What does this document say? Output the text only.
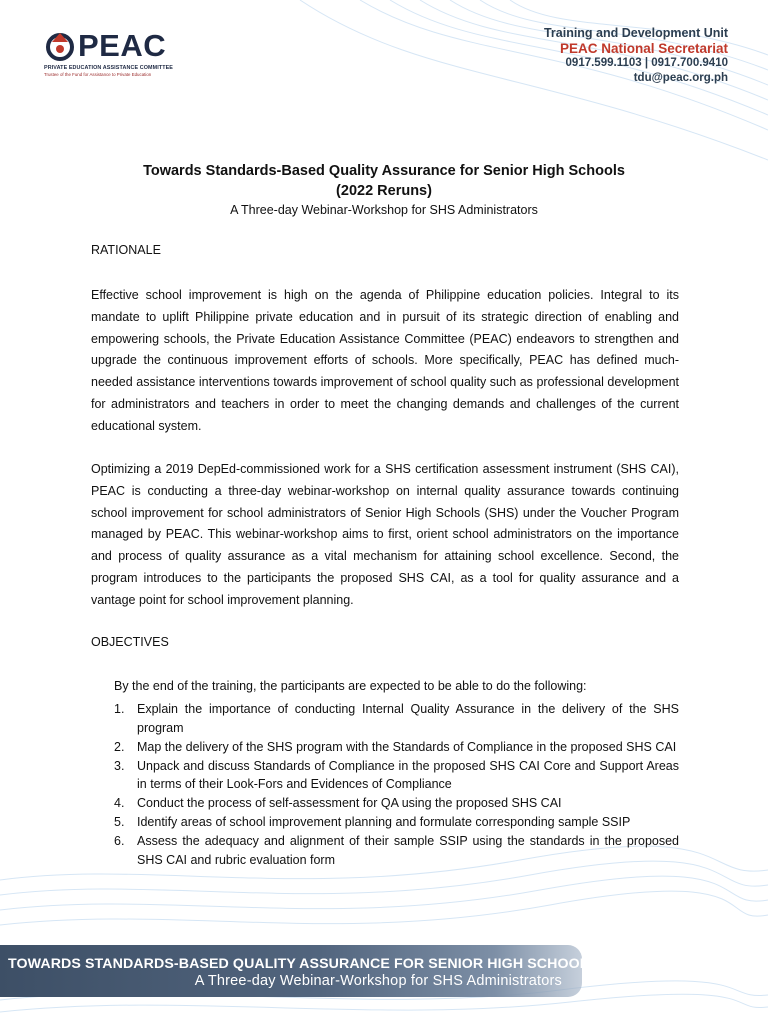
PEAC
PRIVATE EDUCATION ASSISTANCE COMMITTEE
Trustee of the Fund for Assistance to Private Education
Training and Development Unit
PEAC National Secretariat
0917.599.1103 | 0917.700.9410
tdu@peac.org.ph
Towards Standards-Based Quality Assurance for Senior High Schools
(2022 Reruns)
A Three-day Webinar-Workshop for SHS Administrators
RATIONALE

Effective school improvement is high on the agenda of Philippine education policies. Integral to its mandate to uplift Philippine private education and in pursuit of its strategic direction of enabling and empowering schools, the Private Education Assistance Committee (PEAC) endeavors to strengthen and upgrade the continuous improvement efforts of schools. More specifically, PEAC has defined much-needed assistance interventions towards improvement of school quality such as professional development for administrators and teachers in order to meet the changing demands and challenges of the current educational system.

Optimizing a 2019 DepEd-commissioned work for a SHS certification assessment instrument (SHS CAI), PEAC is conducting a three-day webinar-workshop on internal quality assurance towards continuing school improvement for school administrators of Senior High Schools (SHS) under the Voucher Program managed by PEAC. This webinar-workshop aims to first, orient school administrators on the importance and process of quality assurance as a vital mechanism for attaining school excellence. Second, the program introduces to the participants the proposed SHS CAI, as a tool for quality assurance and a vantage point for school improvement planning.

OBJECTIVES
By the end of the training, the participants are expected to be able to do the following:
1. Explain the importance of conducting Internal Quality Assurance in the delivery of the SHS program
2. Map the delivery of the SHS program with the Standards of Compliance in the proposed SHS CAI
3. Unpack and discuss Standards of Compliance in the proposed SHS CAI Core and Support Areas in terms of their Look-Fors and Evidences of Compliance
4. Conduct the process of self-assessment for QA using the proposed SHS CAI
5. Identify areas of school improvement planning and formulate corresponding sample SSIP
6. Assess the adequacy and alignment of their sample SSIP using the standards in the proposed SHS CAI and rubric evaluation form
TOWARDS STANDARDS-BASED QUALITY ASSURANCE FOR SENIOR HIGH SCHOOLS
A Three-day Webinar-Workshop for SHS Administrators
